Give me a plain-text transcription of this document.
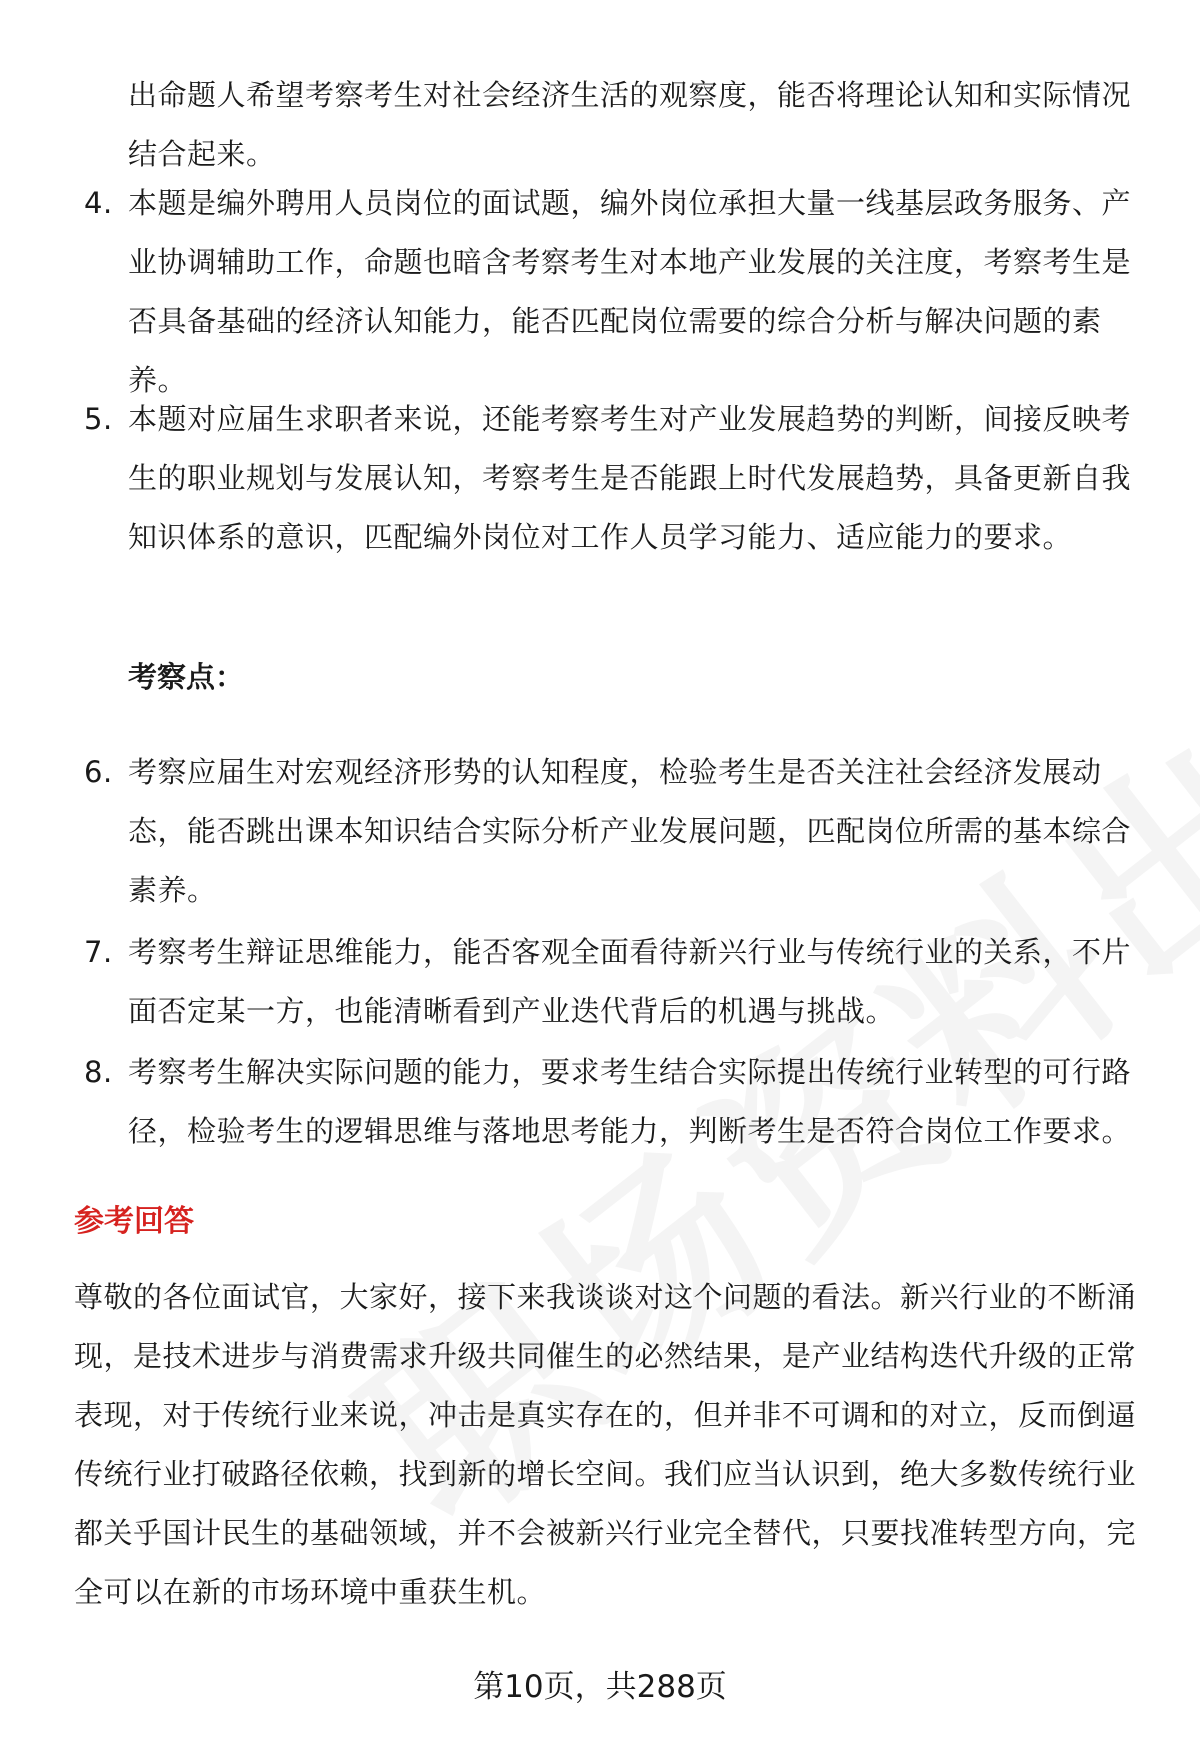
出命题人希望考察考生对社会经济生活的观察度，能否将理论认知和实际情况结合起来。

4. 本题是编外聘用人员岗位的面试题，编外岗位承担大量一线基层政务服务、产业协调辅助工作，命题也暗含考察考生对本地产业发展的关注度，考察考生是否具备基础的经济认知能力，能否匹配岗位需要的综合分析与解决问题的素养。
5. 本题对应届生求职者来说，还能考察考生对产业发展趋势的判断，间接反映考生的职业规划与发展认知，考察考生是否能跟上时代发展趋势，具备更新自我知识体系的意识，匹配编外岗位对工作人员学习能力、适应能力的要求。
考察点：
6. 考察应届生对宏观经济形势的认知程度，检验考生是否关注社会经济发展动态，能否跳出课本知识结合实际分析产业发展问题，匹配岗位所需的基本综合素养。
7. 考察考生辩证思维能力，能否客观全面看待新兴行业与传统行业的关系，不片面否定某一方，也能清晰看到产业迭代背后的机遇与挑战。
8. 考察考生解决实际问题的能力，要求考生结合实际提出传统行业转型的可行路径，检验考生的逻辑思维与落地思考能力，判断考生是否符合岗位工作要求。
参考回答

尊敬的各位面试官，大家好，接下来我谈谈对这个问题的看法。新兴行业的不断涌现，是技术进步与消费需求升级共同催生的必然结果，是产业结构迭代升级的正常表现，对于传统行业来说，冲击是真实存在的，但并非不可调和的对立，反而倒逼传统行业打破路径依赖，找到新的增长空间。我们应当认识到，绝大多数传统行业都关乎国计民生的基础领域，并不会被新兴行业完全替代，只要找准转型方向，完全可以在新的市场环境中重获生机。

第10页，共288页
